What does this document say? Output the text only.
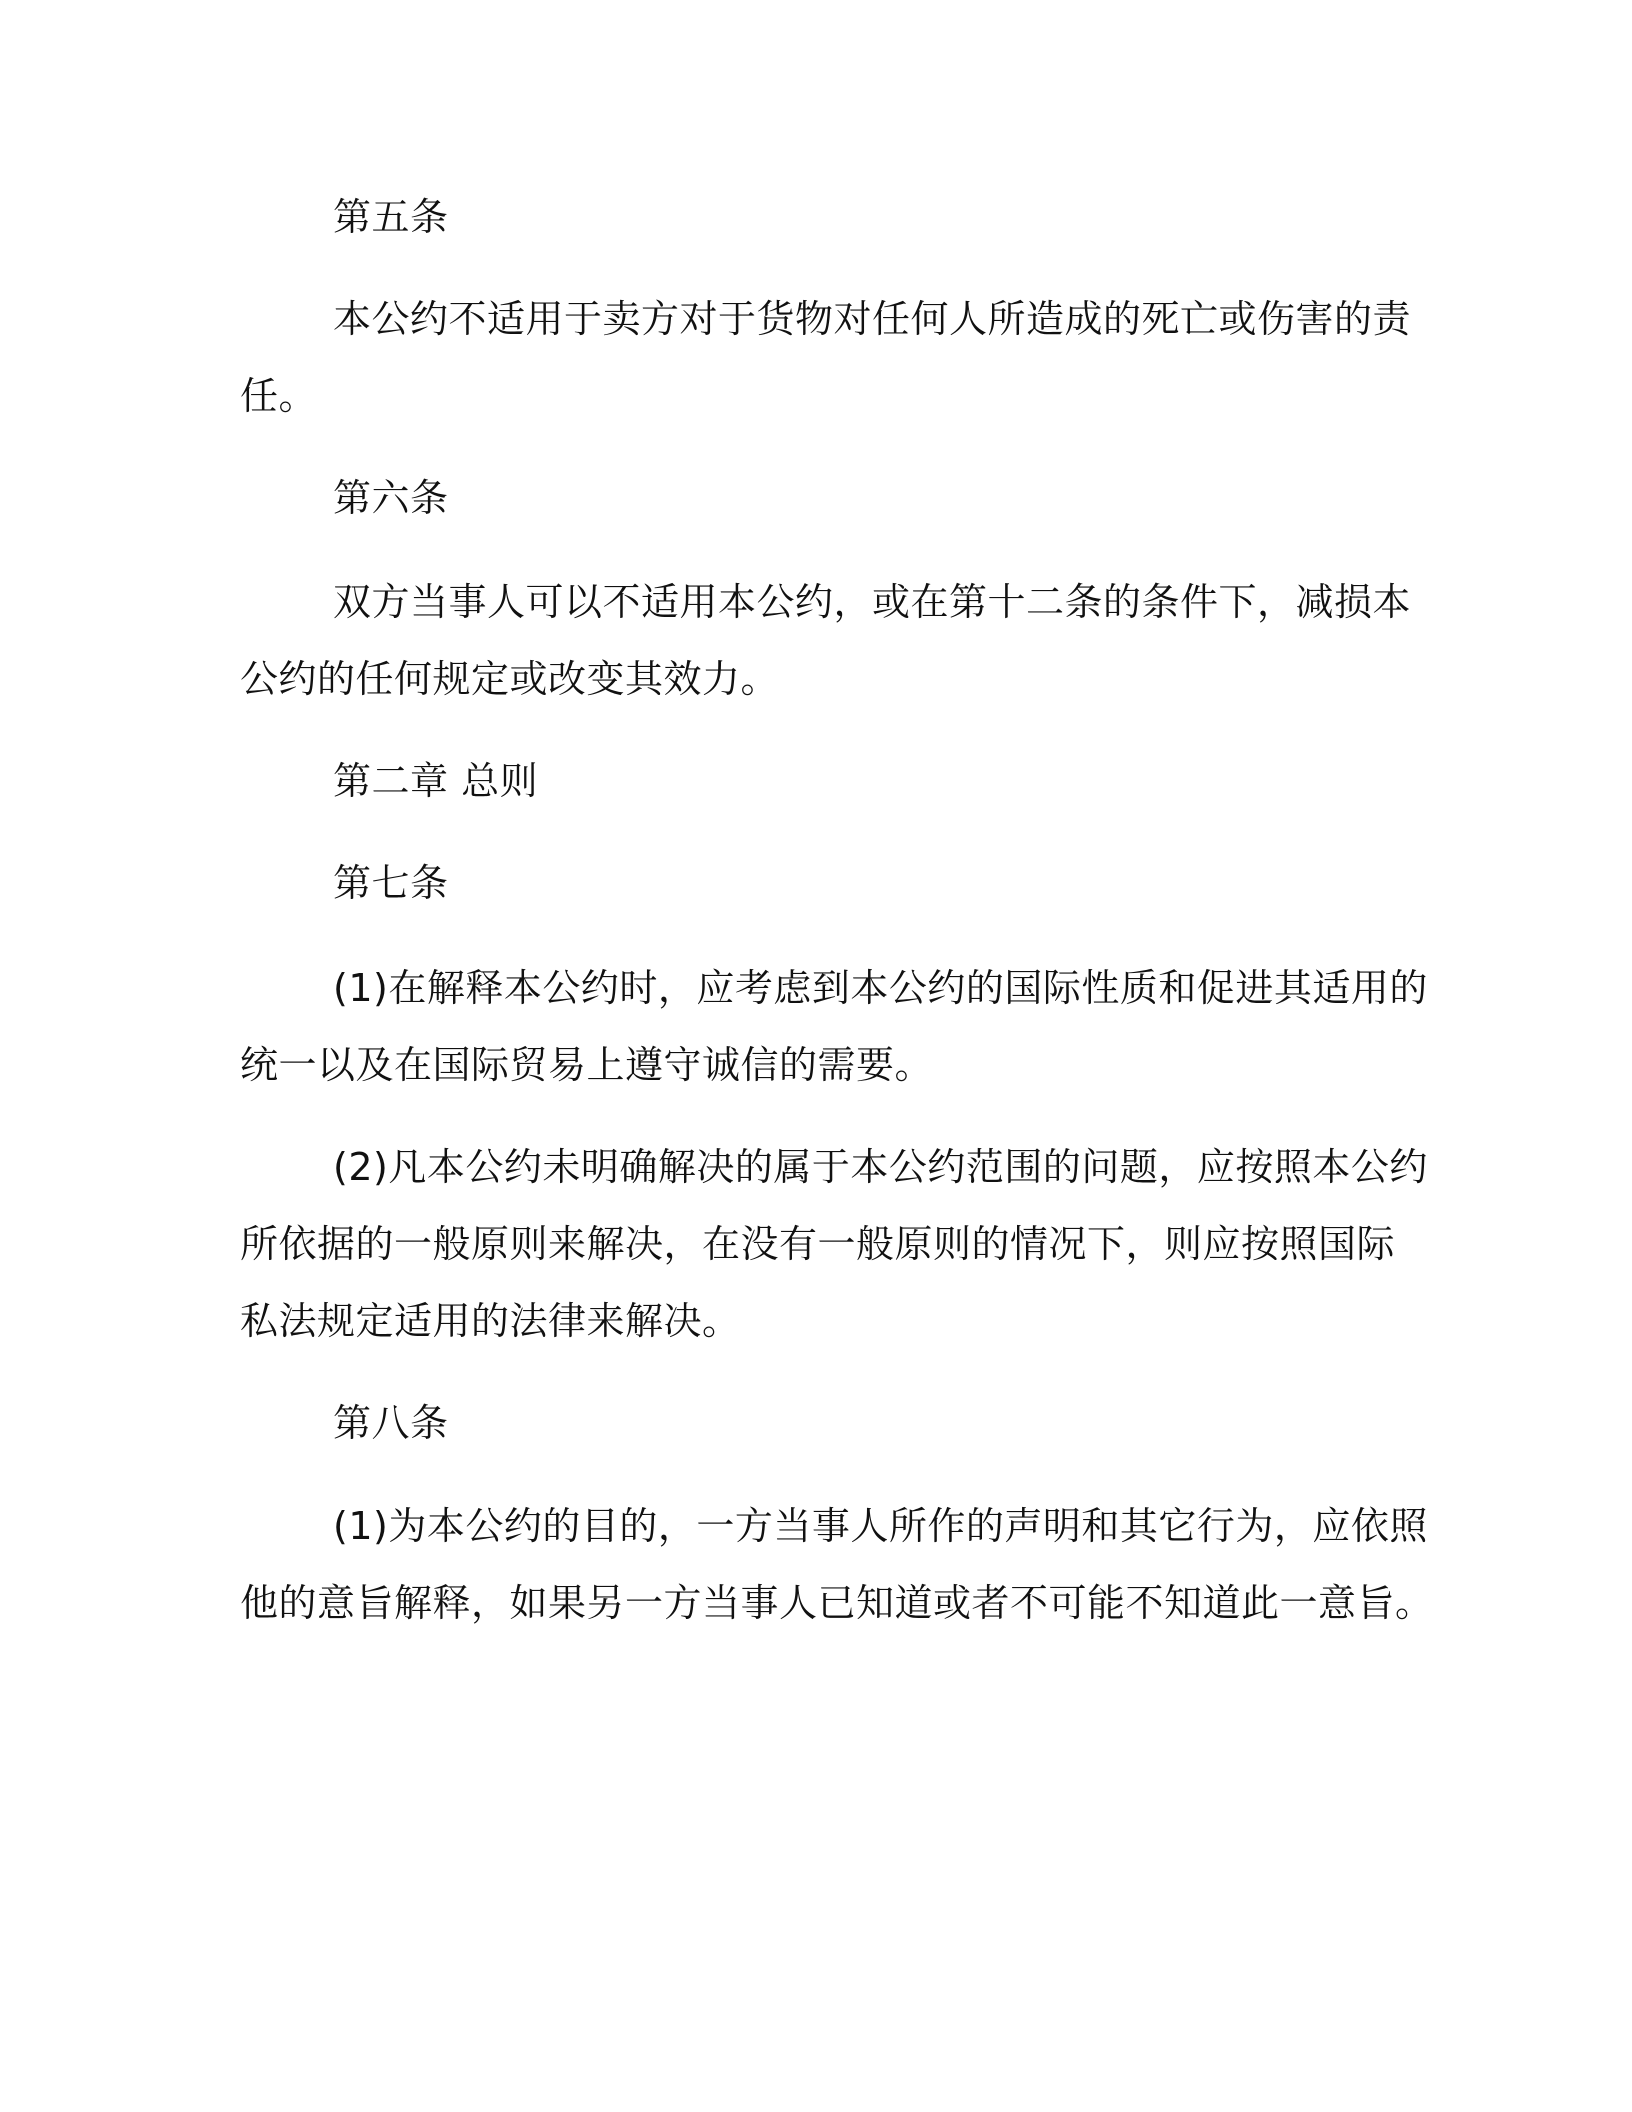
第五条

本公约不适用于卖方对于货物对任何人所造成的死亡或伤害的责

任。

第六条

双方当事人可以不适用本公约，或在第十二条的条件下，减损本

公约的任何规定或改变其效力。

第二章 总则

第七条

(1)在解释本公约时，应考虑到本公约的国际性质和促进其适用的

统一以及在国际贸易上遵守诚信的需要。

(2)凡本公约未明确解决的属于本公约范围的问题，应按照本公约

所依据的一般原则来解决，在没有一般原则的情况下，则应按照国际

私法规定适用的法律来解决。

第八条

(1)为本公约的目的，一方当事人所作的声明和其它行为，应依照

他的意旨解释，如果另一方当事人已知道或者不可能不知道此一意旨。
